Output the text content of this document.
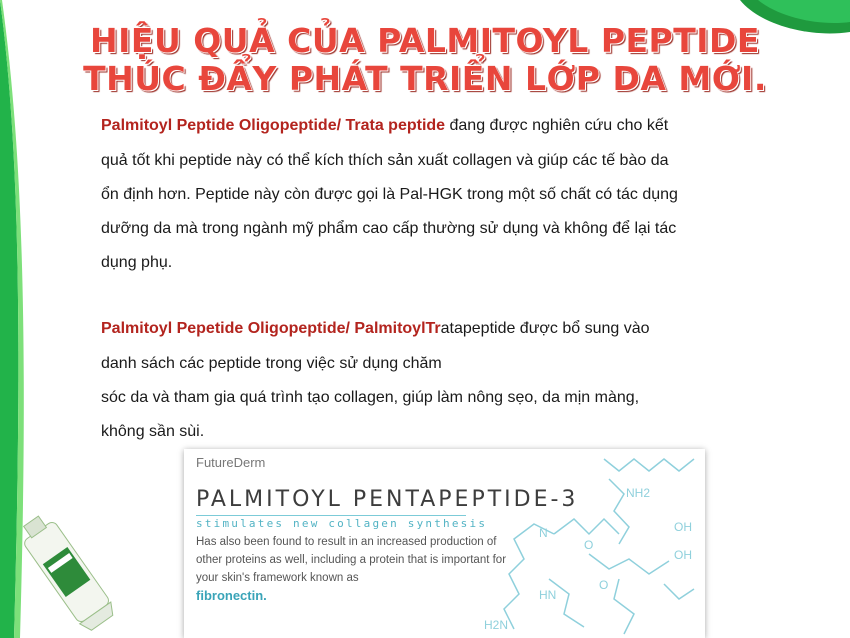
HIỆU QUẢ CỦA PALMITOYL PEPTIDE
THÚC ĐẨY PHÁT TRIỂN LỚP DA MỚI.
Palmitoyl Peptide Oligopeptide/ Trata peptide đang được nghiên cứu cho kết
quả tốt khi peptide này có thể kích thích sản xuất collagen và giúp các tế bào da
ổn định hơn. Peptide này còn được gọi là Pal-HGK trong một số chất có tác dụng
dưỡng da mà trong ngành mỹ phẩm cao cấp thường sử dụng và không để lại tác
dụng phụ.
Palmitoyl Pepetide Oligopeptide/ PalmitoylTratapeptide được bổ sung vào
danh sách các peptide trong việc sử dụng chăm
sóc da và tham gia quá trình tạo collagen, giúp làm nông sẹo, da mịn màng,
không sần sùi.
FutureDerm
PALMITOYL PENTAPEPTIDE-3
stimulates new collagen synthesis
Has also been found to result in an increased production of other proteins as well, including a protein that is important for your skin's framework known as
fibronectin.
NH2
OH
H2N
OH
O
N
HN
O
